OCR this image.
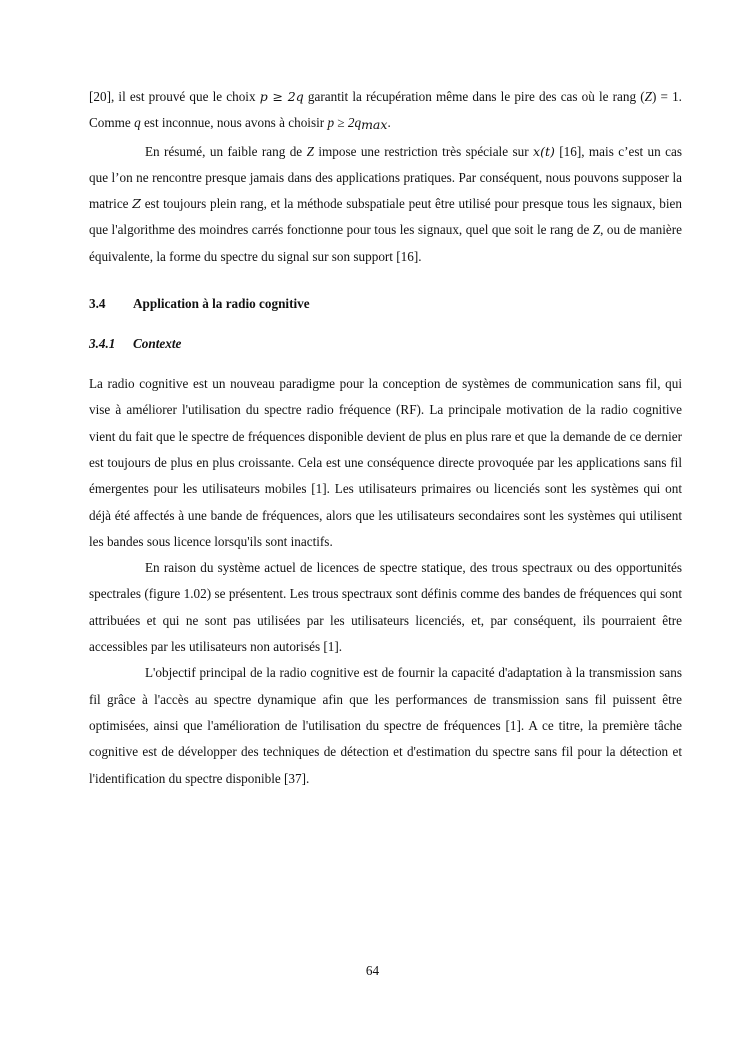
[20], il est prouvé que le choix p ≥ 2q garantit la récupération même dans le pire des cas où le rang (Z) = 1. Comme q est inconnue, nous avons à choisir $p \ge 2q_{max}$.

En résumé, un faible rang de Z impose une restriction très spéciale sur x(t) [16], mais c’est un cas que l’on ne rencontre presque jamais dans des applications pratiques. Par conséquent, nous pouvons supposer la matrice Z est toujours plein rang, et la méthode subspatiale peut être utilisé pour presque tous les signaux, bien que l'algorithme des moindres carrés fonctionne pour tous les signaux, quel que soit le rang de Z, ou de manière équivalente, la forme du spectre du signal sur son support [16].

3.4	Application à la radio cognitive
3.4.1	Contexte

La radio cognitive est un nouveau paradigme pour la conception de systèmes de communication sans fil, qui vise à améliorer l'utilisation du spectre radio fréquence (RF). La principale motivation de la radio cognitive vient du fait que le spectre de fréquences disponible devient de plus en plus rare et que la demande de ce dernier est toujours de plus en plus croissante. Cela est une conséquence directe provoquée par les applications sans fil émergentes pour les utilisateurs mobiles [1]. Les utilisateurs primaires ou licenciés sont les systèmes qui ont déjà été affectés à une bande de fréquences, alors que les utilisateurs secondaires sont les systèmes qui utilisent les bandes sous licence lorsqu'ils sont inactifs.

En raison du système actuel de licences de spectre statique, des trous spectraux ou des opportunités spectrales (figure 1.02) se présentent. Les trous spectraux sont définis comme des bandes de fréquences qui sont attribuées et qui ne sont pas utilisées par les utilisateurs licenciés, et, par conséquent, ils pourraient être accessibles par les utilisateurs non autorisés [1].

L'objectif principal de la radio cognitive est de fournir la capacité d'adaptation à la transmission sans fil grâce à l'accès au spectre dynamique afin que les performances de transmission sans fil puissent être optimisées, ainsi que l'amélioration de l'utilisation du spectre de fréquences [1]. A ce titre, la première tâche cognitive est de développer des techniques de détection et d'estimation du spectre sans fil pour la détection et l'identification du spectre disponible [37].

64
